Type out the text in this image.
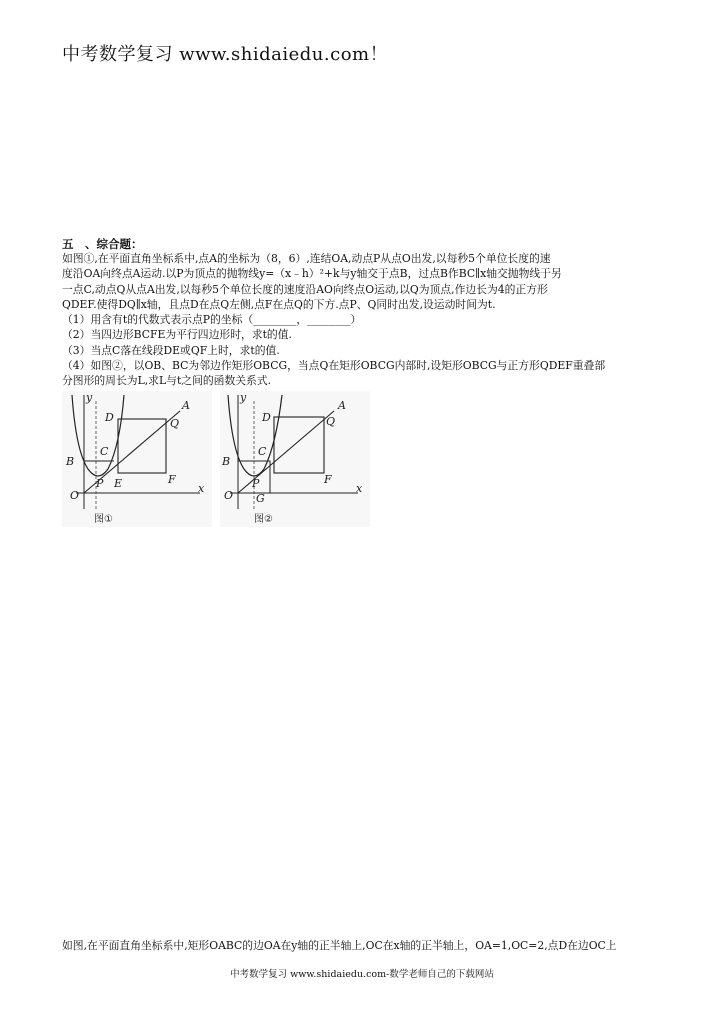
中考数学复习 www.shidaiedu.com！
五　、综合题：

如图①,在平面直角坐标系中,点A的坐标为（8，6）,连结OA,动点P从点O出发,以每秒5个单位长度的速

度沿OA向终点A运动.以P为顶点的抛物线y=（x﹣h）²+k与y轴交于点B，过点B作BC∥x轴交抛物线于另

一点C,动点Q从点A出发,以每秒5个单位长度的速度沿AO向终点O运动,以Q为顶点,作边长为4的正方形

QDEF.使得DQ∥x轴，且点D在点Q左侧,点F在点Q的下方.点P、Q同时出发,设运动时间为t.

（1）用含有t的代数式表示点P的坐标（________，________）

（2）当四边形BCFE为平行四边形时，求t的值.

（3）当点C落在线段DE或QF上时，求t的值.

（4）如图②，以OB、BC为邻边作矩形OBCG，当点Q在矩形OBCG内部时,设矩形OBCG与正方形QDEF重叠部

分图形的周长为L,求L与t之间的函数关系式.

y
x
O
B
C
P E
D	Q
A
F
图①
y
x
O
B
C
P
G
D	Q
A
F
图②
如图,在平面直角坐标系中,矩形OABC的边OA在y轴的正半轴上,OC在x轴的正半轴上，OA=1,OC=2,点D在边OC上
中考数学复习 www.shidaiedu.com-数学老师自己的下载网站
